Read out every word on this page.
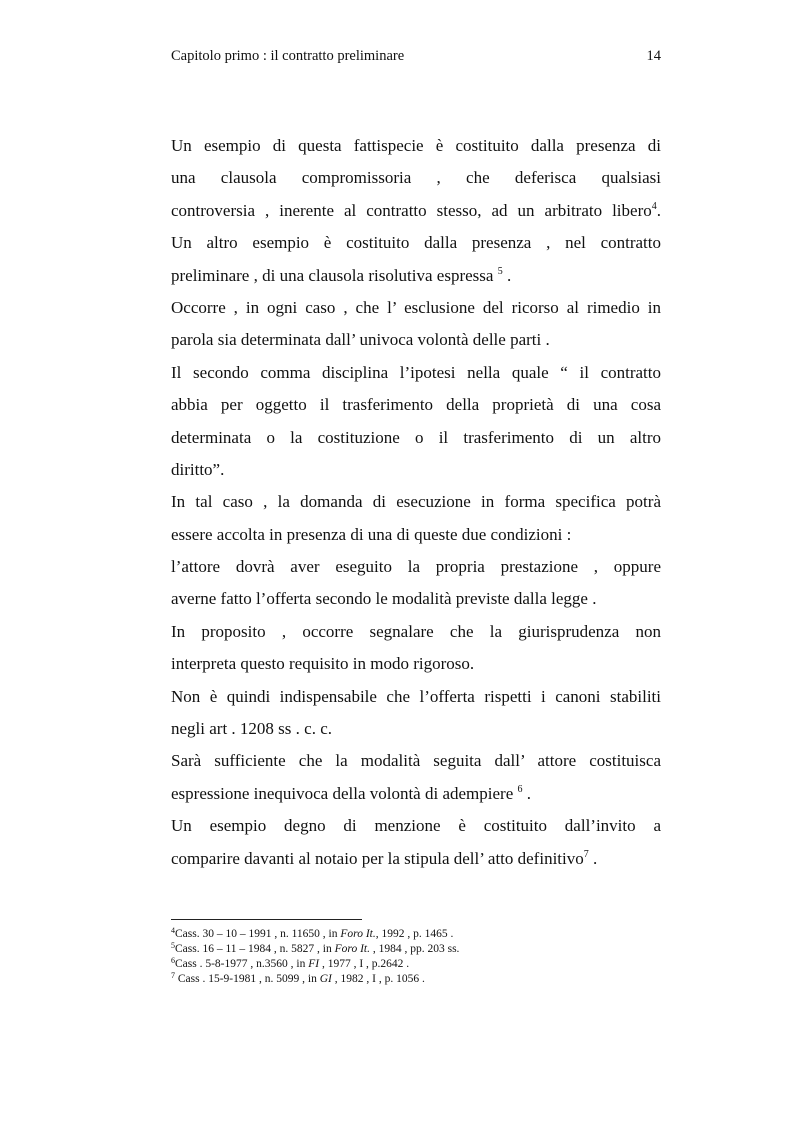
Capitolo primo : il contratto preliminare	14
Un esempio di questa fattispecie è costituito dalla presenza di
una clausola compromissoria , che deferisca qualsiasi
controversia , inerente al contratto stesso, ad un arbitrato libero$^4$.
Un altro esempio è costituito dalla presenza , nel contratto
preliminare , di una clausola risolutiva espressa $^5$ .
Occorre , in ogni caso , che l’ esclusione del ricorso al rimedio in
parola sia determinata dall’ univoca volontà delle parti .
Il secondo comma disciplina l’ipotesi nella quale “ il contratto
abbia per oggetto il trasferimento della proprietà di una cosa
determinata o la costituzione o il trasferimento di un altro
diritto”.
In tal caso , la domanda di esecuzione in forma specifica potrà
essere accolta in presenza di una di queste due condizioni :
l’attore dovrà aver eseguito la propria prestazione , oppure
averne fatto l’offerta secondo le modalità previste dalla legge .
In proposito , occorre segnalare che la giurisprudenza non
interpreta questo requisito in modo rigoroso.
Non è quindi indispensabile che l’offerta rispetti i canoni stabiliti
negli art . 1208 ss . c. c.
Sarà sufficiente che la modalità seguita dall’ attore costituisca
espressione inequivoca della volontà di adempiere $^6$ .
Un esempio degno di menzione è costituito dall’invito a
comparire davanti al notaio per la stipula dell’ atto definitivo$^7$ .
$^4$Cass. 30 – 10 – 1991 , n. 11650 , in Foro It., 1992 , p. 1465 .
$^5$Cass. 16 – 11 – 1984 , n. 5827 , in Foro It. , 1984 , pp. 203 ss.
$^6$Cass . 5-8-1977 , n.3560 , in FI , 1977 , I , p.2642 .
$^7$ Cass . 15-9-1981 , n. 5099 , in GI , 1982 , I , p. 1056 .
